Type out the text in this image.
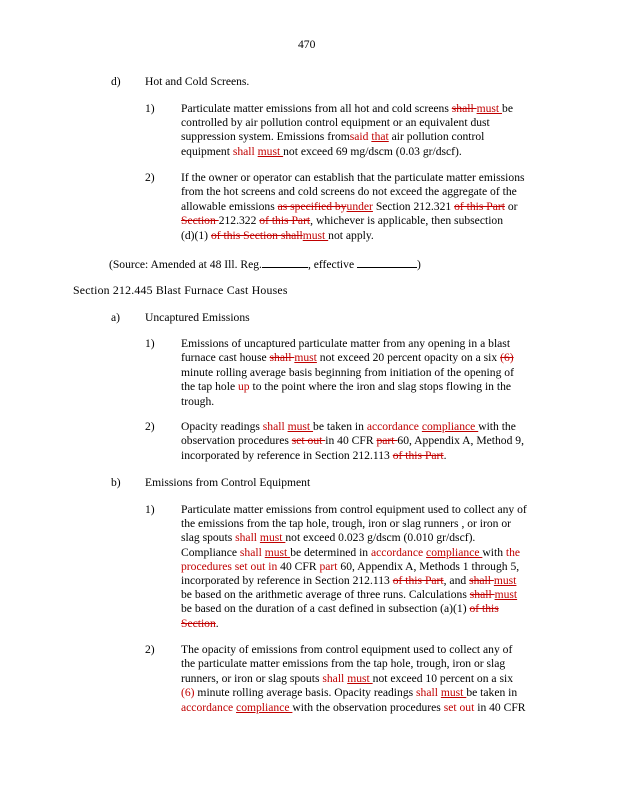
470
d) Hot and Cold Screens.
1) Particulate matter emissions from all hot and cold screens shall must be
controlled by air pollution control equipment or an equivalent dust
suppression system. Emissions fromsaid that air pollution control
equipment shall must not exceed 69 mg/dscm (0.03 gr/dscf).
2) If the owner or operator can establish that the particulate matter emissions
from the hot screens and cold screens do not exceed the aggregate of the
allowable emissions as specified byunder Section 212.321 of this Part or
Section 212.322 of this Part, whichever is applicable, then subsection
(d)(1) of this Section shallmust not apply.
(Source: Amended at 48 Ill. Reg.	, effective	)
Section 212.445 Blast Furnace Cast Houses
a) Uncaptured Emissions
1) Emissions of uncaptured particulate matter from any opening in a blast
furnace cast house shall must not exceed 20 percent opacity on a six (6)
minute rolling average basis beginning from initiation of the opening of
the tap hole up to the point where the iron and slag stops flowing in the
trough.
2) Opacity readings shall must be taken in accordance compliance with the
observation procedures set out in 40 CFR part 60, Appendix A, Method 9,
incorporated by reference in Section 212.113 of this Part.
b) Emissions from Control Equipment
1) Particulate matter emissions from control equipment used to collect any of
the emissions from the tap hole, trough, iron or slag runners , or iron or
slag spouts shall must not exceed 0.023 g/dscm (0.010 gr/dscf).
Compliance shall must be determined in accordance compliance with the
procedures set out in 40 CFR part 60, Appendix A, Methods 1 through 5,
incorporated by reference in Section 212.113 of this Part, and shall must
be based on the arithmetic average of three runs. Calculations shall must
be based on the duration of a cast defined in subsection (a)(1) of this
Section.
2) The opacity of emissions from control equipment used to collect any of
the particulate matter emissions from the tap hole, trough, iron or slag
runners, or iron or slag spouts shall must not exceed 10 percent on a six
(6) minute rolling average basis. Opacity readings shall must be taken in
accordance compliance with the observation procedures set out in 40 CFR
